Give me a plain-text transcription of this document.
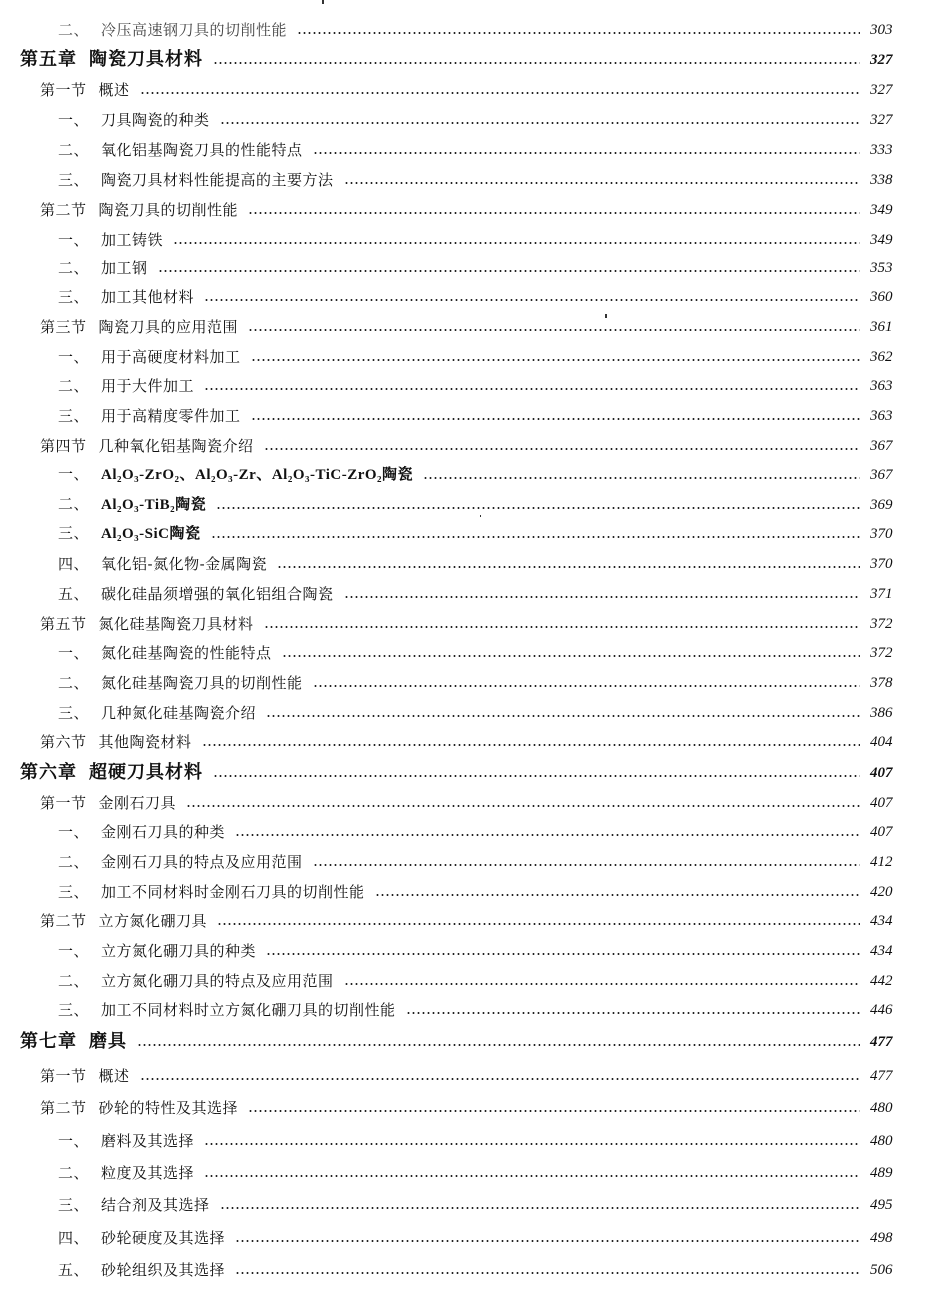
二、 冷压高速钢刀具的切削性能	303
第五章 陶瓷刀具材料	327
第一节 概述	327
一、 刀具陶瓷的种类	327
二、 氧化铝基陶瓷刀具的性能特点	333
三、 陶瓷刀具材料性能提高的主要方法	338
第二节 陶瓷刀具的切削性能	349
一、 加工铸铁	349
二、 加工钢	353
三、 加工其他材料	360
第三节 陶瓷刀具的应用范围	361
一、 用于高硬度材料加工	362
二、 用于大件加工	363
三、 用于高精度零件加工	363
第四节 几种氧化铝基陶瓷介绍	367
一、 Al₂O₃-ZrO₂、Al₂O₃-Zr、Al₂O₃-TiC-ZrO₂陶瓷	367
二、 Al₂O₃-TiB₂陶瓷	369
三、 Al₂O₃-SiC陶瓷	370
四、 氧化铝-氮化物-金属陶瓷	370
五、 碳化硅晶须增强的氧化铝组合陶瓷	371
第五节 氮化硅基陶瓷刀具材料	372
一、 氮化硅基陶瓷的性能特点	372
二、 氮化硅基陶瓷刀具的切削性能	378
三、 几种氮化硅基陶瓷介绍	386
第六节 其他陶瓷材料	404
第六章 超硬刀具材料	407
第一节 金刚石刀具	407
一、 金刚石刀具的种类	407
二、 金刚石刀具的特点及应用范围	412
三、 加工不同材料时金刚石刀具的切削性能	420
第二节 立方氮化硼刀具	434
一、 立方氮化硼刀具的种类	434
二、 立方氮化硼刀具的特点及应用范围	442
三、 加工不同材料时立方氮化硼刀具的切削性能	446
第七章 磨具	477
第一节 概述	477
第二节 砂轮的特性及其选择	480
一、 磨料及其选择	480
二、 粒度及其选择	489
三、 结合剂及其选择	495
四、 砂轮硬度及其选择	498
五、 砂轮组织及其选择	506
